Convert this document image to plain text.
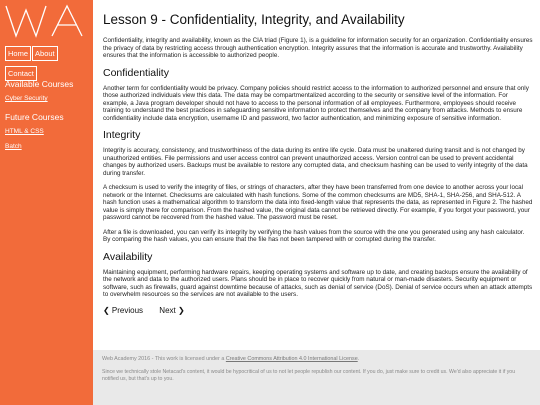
Home About
Contact
Available Courses
Cyber Security
Future Courses
HTML & CSS
Batch
Lesson 9 - Confidentiality, Integrity, and Availability

Confidentiality, integrity and availability, known as the CIA triad (Figure 1), is a guideline for information security for an organization. Confidentiality ensures the privacy of data by restricting access through authentication encryption. Integrity assures that the information is accurate and trustworthy. Availability ensures that the information is accessible to authorized people.

Confidentiality

Another term for confidentiality would be privacy. Company policies should restrict access to the information to authorized personnel and ensure that only those authorized individuals view this data. The data may be compartmentalized according to the security or sensitive level of the information. For example, a Java program developer should not have to access to the personal information of all employees. Furthermore, employees should receive training to understand the best practices in safeguarding sensitive information to protect themselves and the company from attacks. Methods to ensure confidentiality include data encryption, username ID and password, two factor authentication, and minimizing exposure of sensitive information.

Integrity

Integrity is accuracy, consistency, and trustworthiness of the data during its entire life cycle. Data must be unaltered during transit and is not changed by unauthorized entities. File permissions and user access control can prevent unauthorized access. Version control can be used to prevent accidental changes by authorized users. Backups must be available to restore any corrupted data, and checksum hashing can be used to verify integrity of the data during transfer.

A checksum is used to verify the integrity of files, or strings of characters, after they have been transferred from one device to another across your local network or the Internet. Checksums are calculated with hash functions. Some of the common checksums are MD5, SHA-1, SHA-256, and SHA-512. A hash function uses a mathematical algorithm to transform the data into fixed-length value that represents the data, as represented in Figure 2. The hashed value is simply there for comparison. From the hashed value, the original data cannot be retrieved directly. For example, if you forgot your password, your password cannot be recovered from the hashed value. The password must be reset.

After a file is downloaded, you can verify its integrity by verifying the hash values from the source with the one you generated using any hash calculator. By comparing the hash values, you can ensure that the file has not been tampered with or corrupted during the transfer.

Availability

Maintaining equipment, performing hardware repairs, keeping operating systems and software up to date, and creating backups ensure the availability of the network and data to the authorized users. Plans should be in place to recover quickly from natural or man-made disasters. Security equipment or software, such as firewalls, guard against downtime because of attacks, such as denial of service (DoS). Denial of service occurs when an attack attempts to overwhelm resources so the services are not available to the users.

❮ Previous Next ❯
Web Academy 2016 - This work is licensed under a Creative Commons Attribution 4.0 International License.
Since we technically stole Netacad's content, it would be hypocritical of us to not let people republish our content. If you do, just make sure to credit us. We'd also appreciate it if you notified us, but that's up to you.
